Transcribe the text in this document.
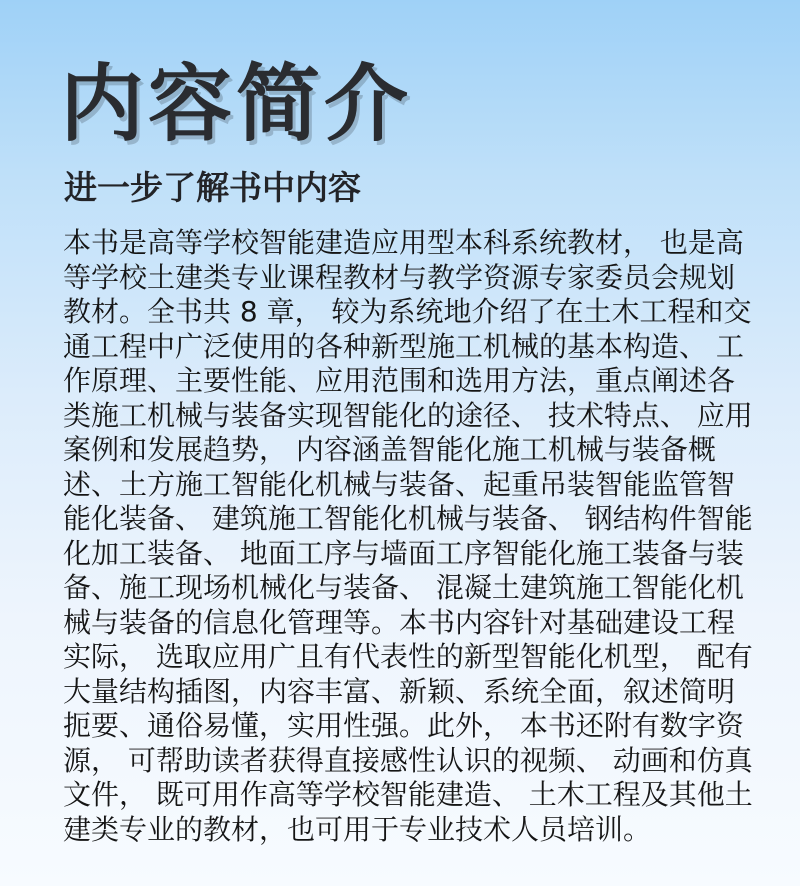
内容简介
进一步了解书中内容
本书是高等学校智能建造应用型本科系统教材， 也是高
等学校土建类专业课程教材与教学资源专家委员会规划
教材。全书共 8 章， 较为系统地介绍了在土木工程和交
通工程中广泛使用的各种新型施工机械的基本构造、 工
作原理、主要性能、应用范围和选用方法，重点阐述各
类施工机械与装备实现智能化的途径、 技术特点、 应用
案例和发展趋势， 内容涵盖智能化施工机械与装备概
述、土方施工智能化机械与装备、起重吊装智能监管智
能化装备、 建筑施工智能化机械与装备、 钢结构件智能
化加工装备、 地面工序与墙面工序智能化施工装备与装
备、施工现场机械化与装备、 混凝土建筑施工智能化机
械与装备的信息化管理等。本书内容针对基础建设工程
实际， 选取应用广且有代表性的新型智能化机型， 配有
大量结构插图，内容丰富、新颖、系统全面，叙述简明
扼要、通俗易懂，实用性强。此外， 本书还附有数字资
源， 可帮助读者获得直接感性认识的视频、 动画和仿真
文件， 既可用作高等学校智能建造、 土木工程及其他土
建类专业的教材，也可用于专业技术人员培训。
